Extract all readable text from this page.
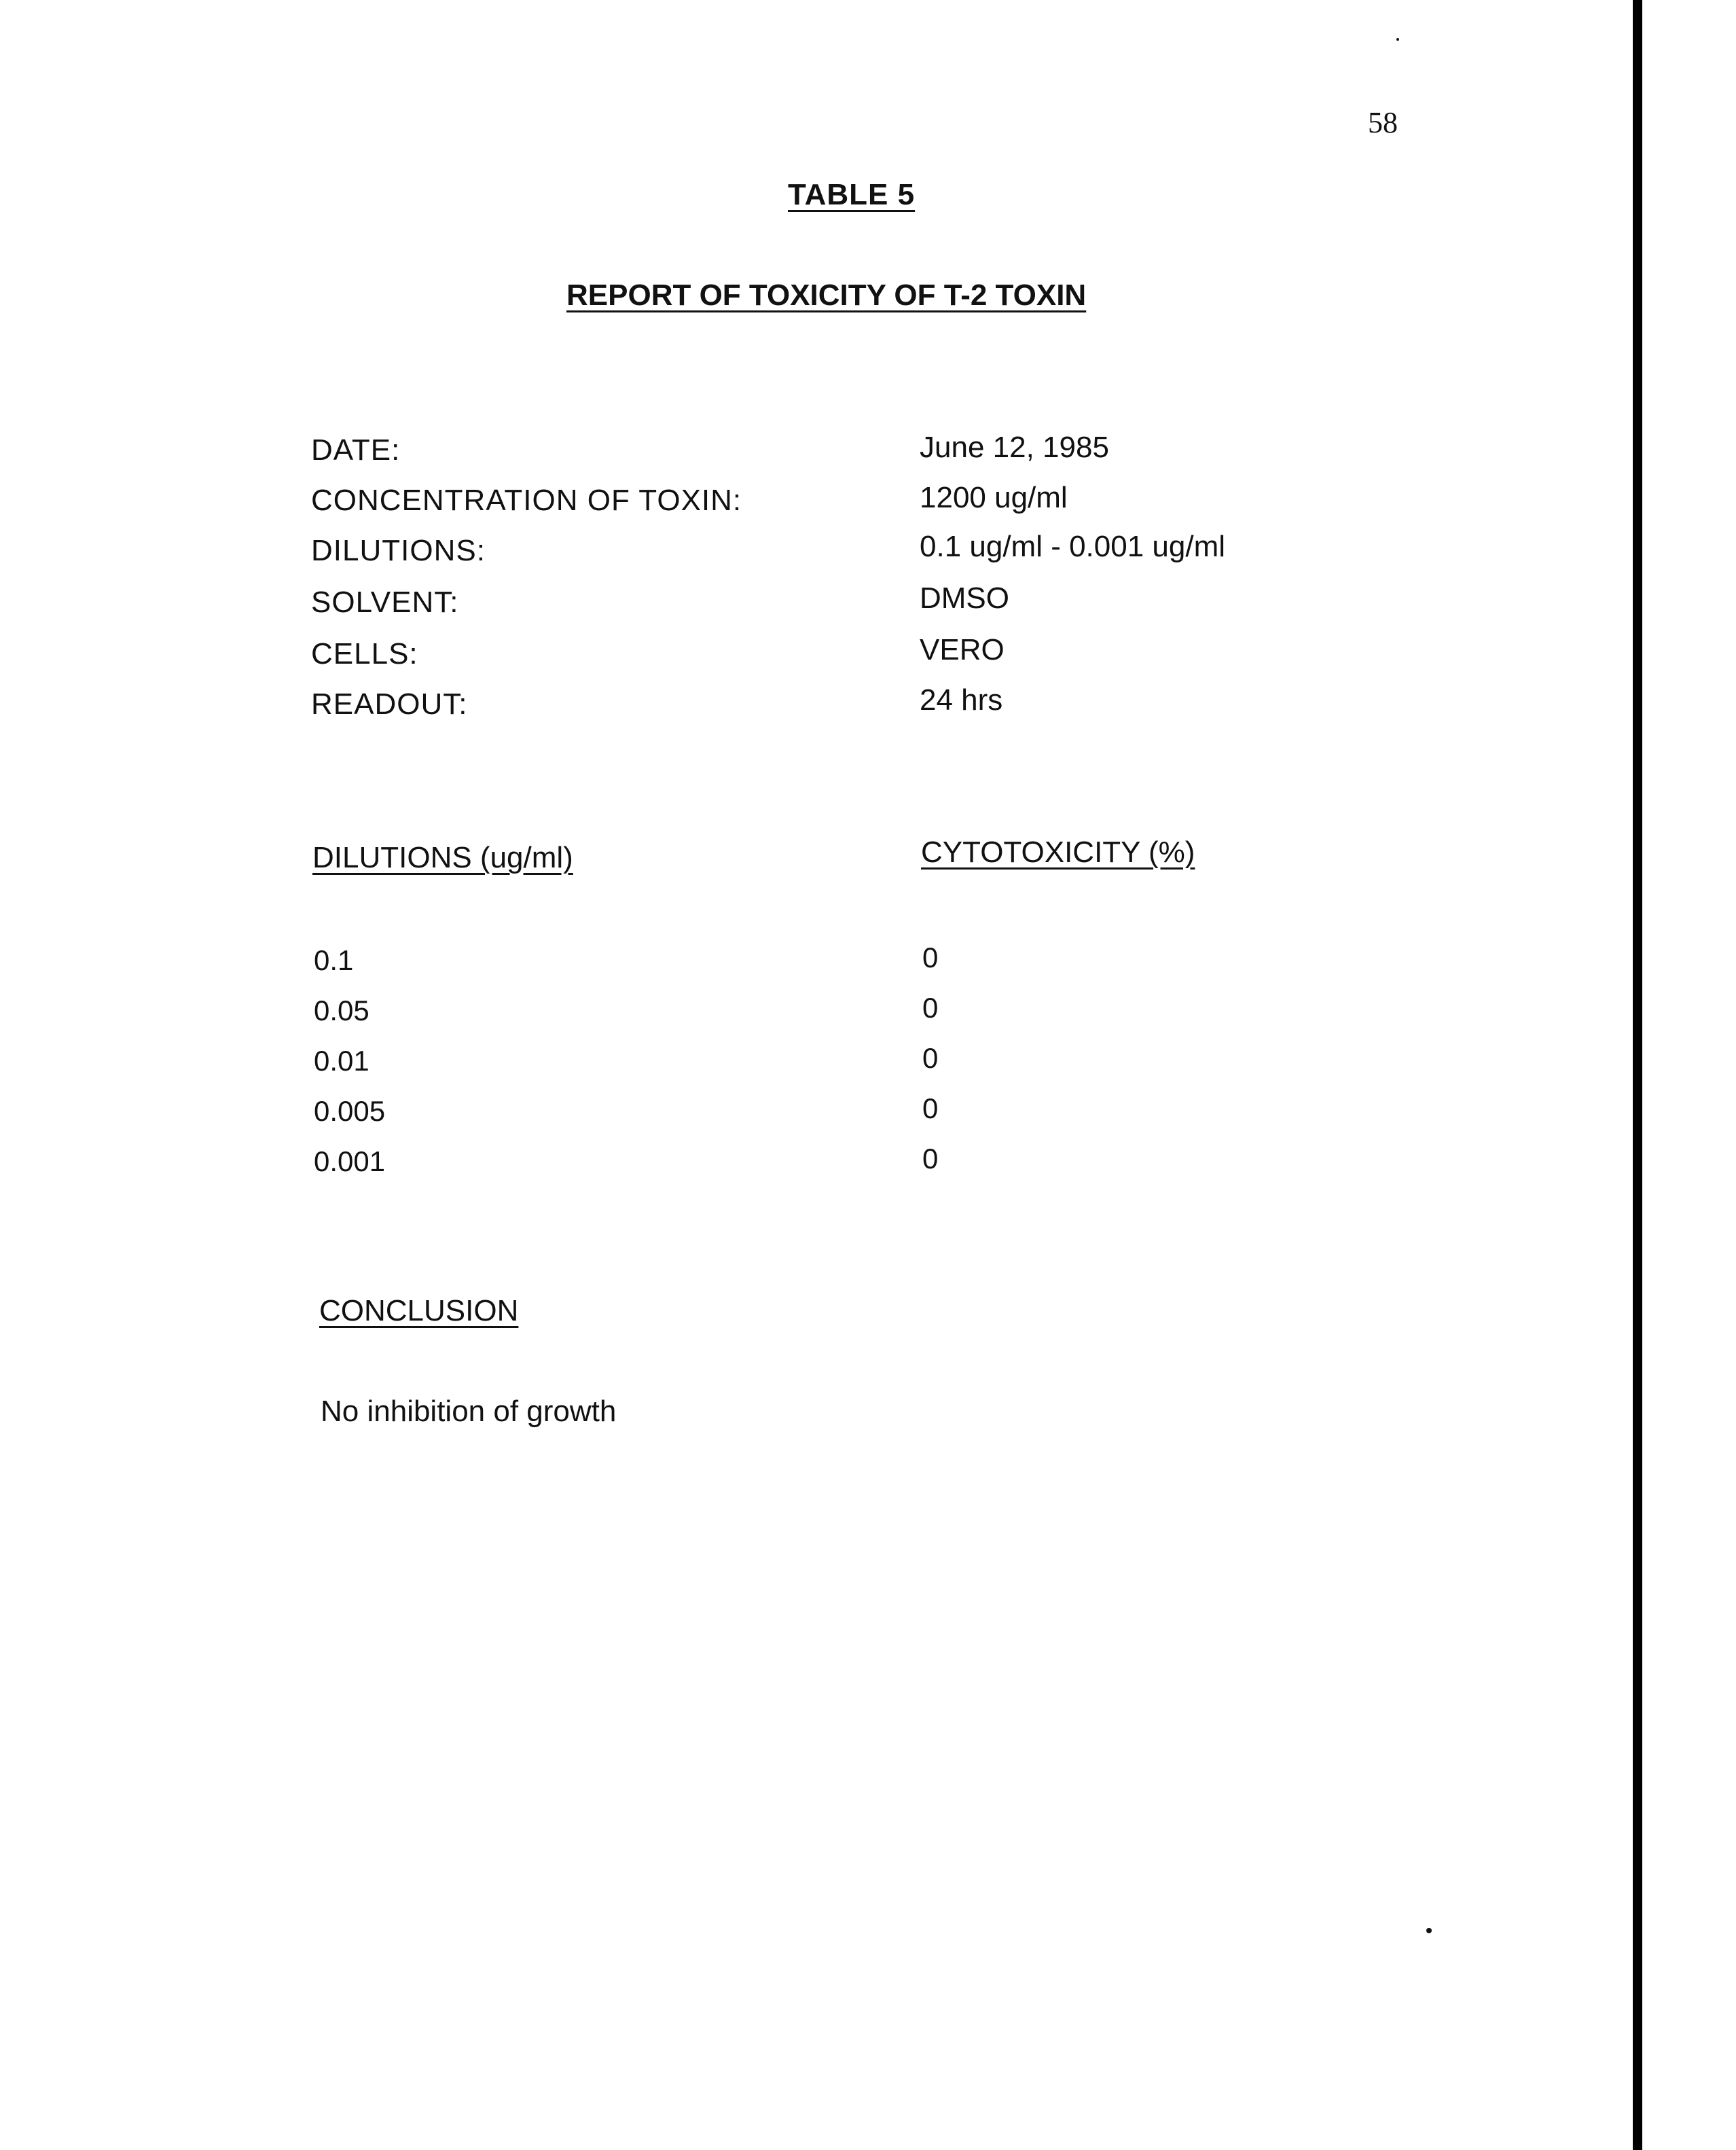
58
TABLE 5
REPORT OF TOXICITY OF T-2 TOXIN
DATE:	June 12, 1985
CONCENTRATION OF TOXIN:	1200 ug/ml
DILUTIONS:	0.1 ug/ml - 0.001 ug/ml
SOLVENT:	DMSO
CELLS:	VERO
READOUT:	24 hrs
DILUTIONS (ug/ml)	CYTOTOXICITY (%)
0.1	0
0.05	0
0.01	0
0.005	0
0.001	0
CONCLUSION
No inhibition of growth
